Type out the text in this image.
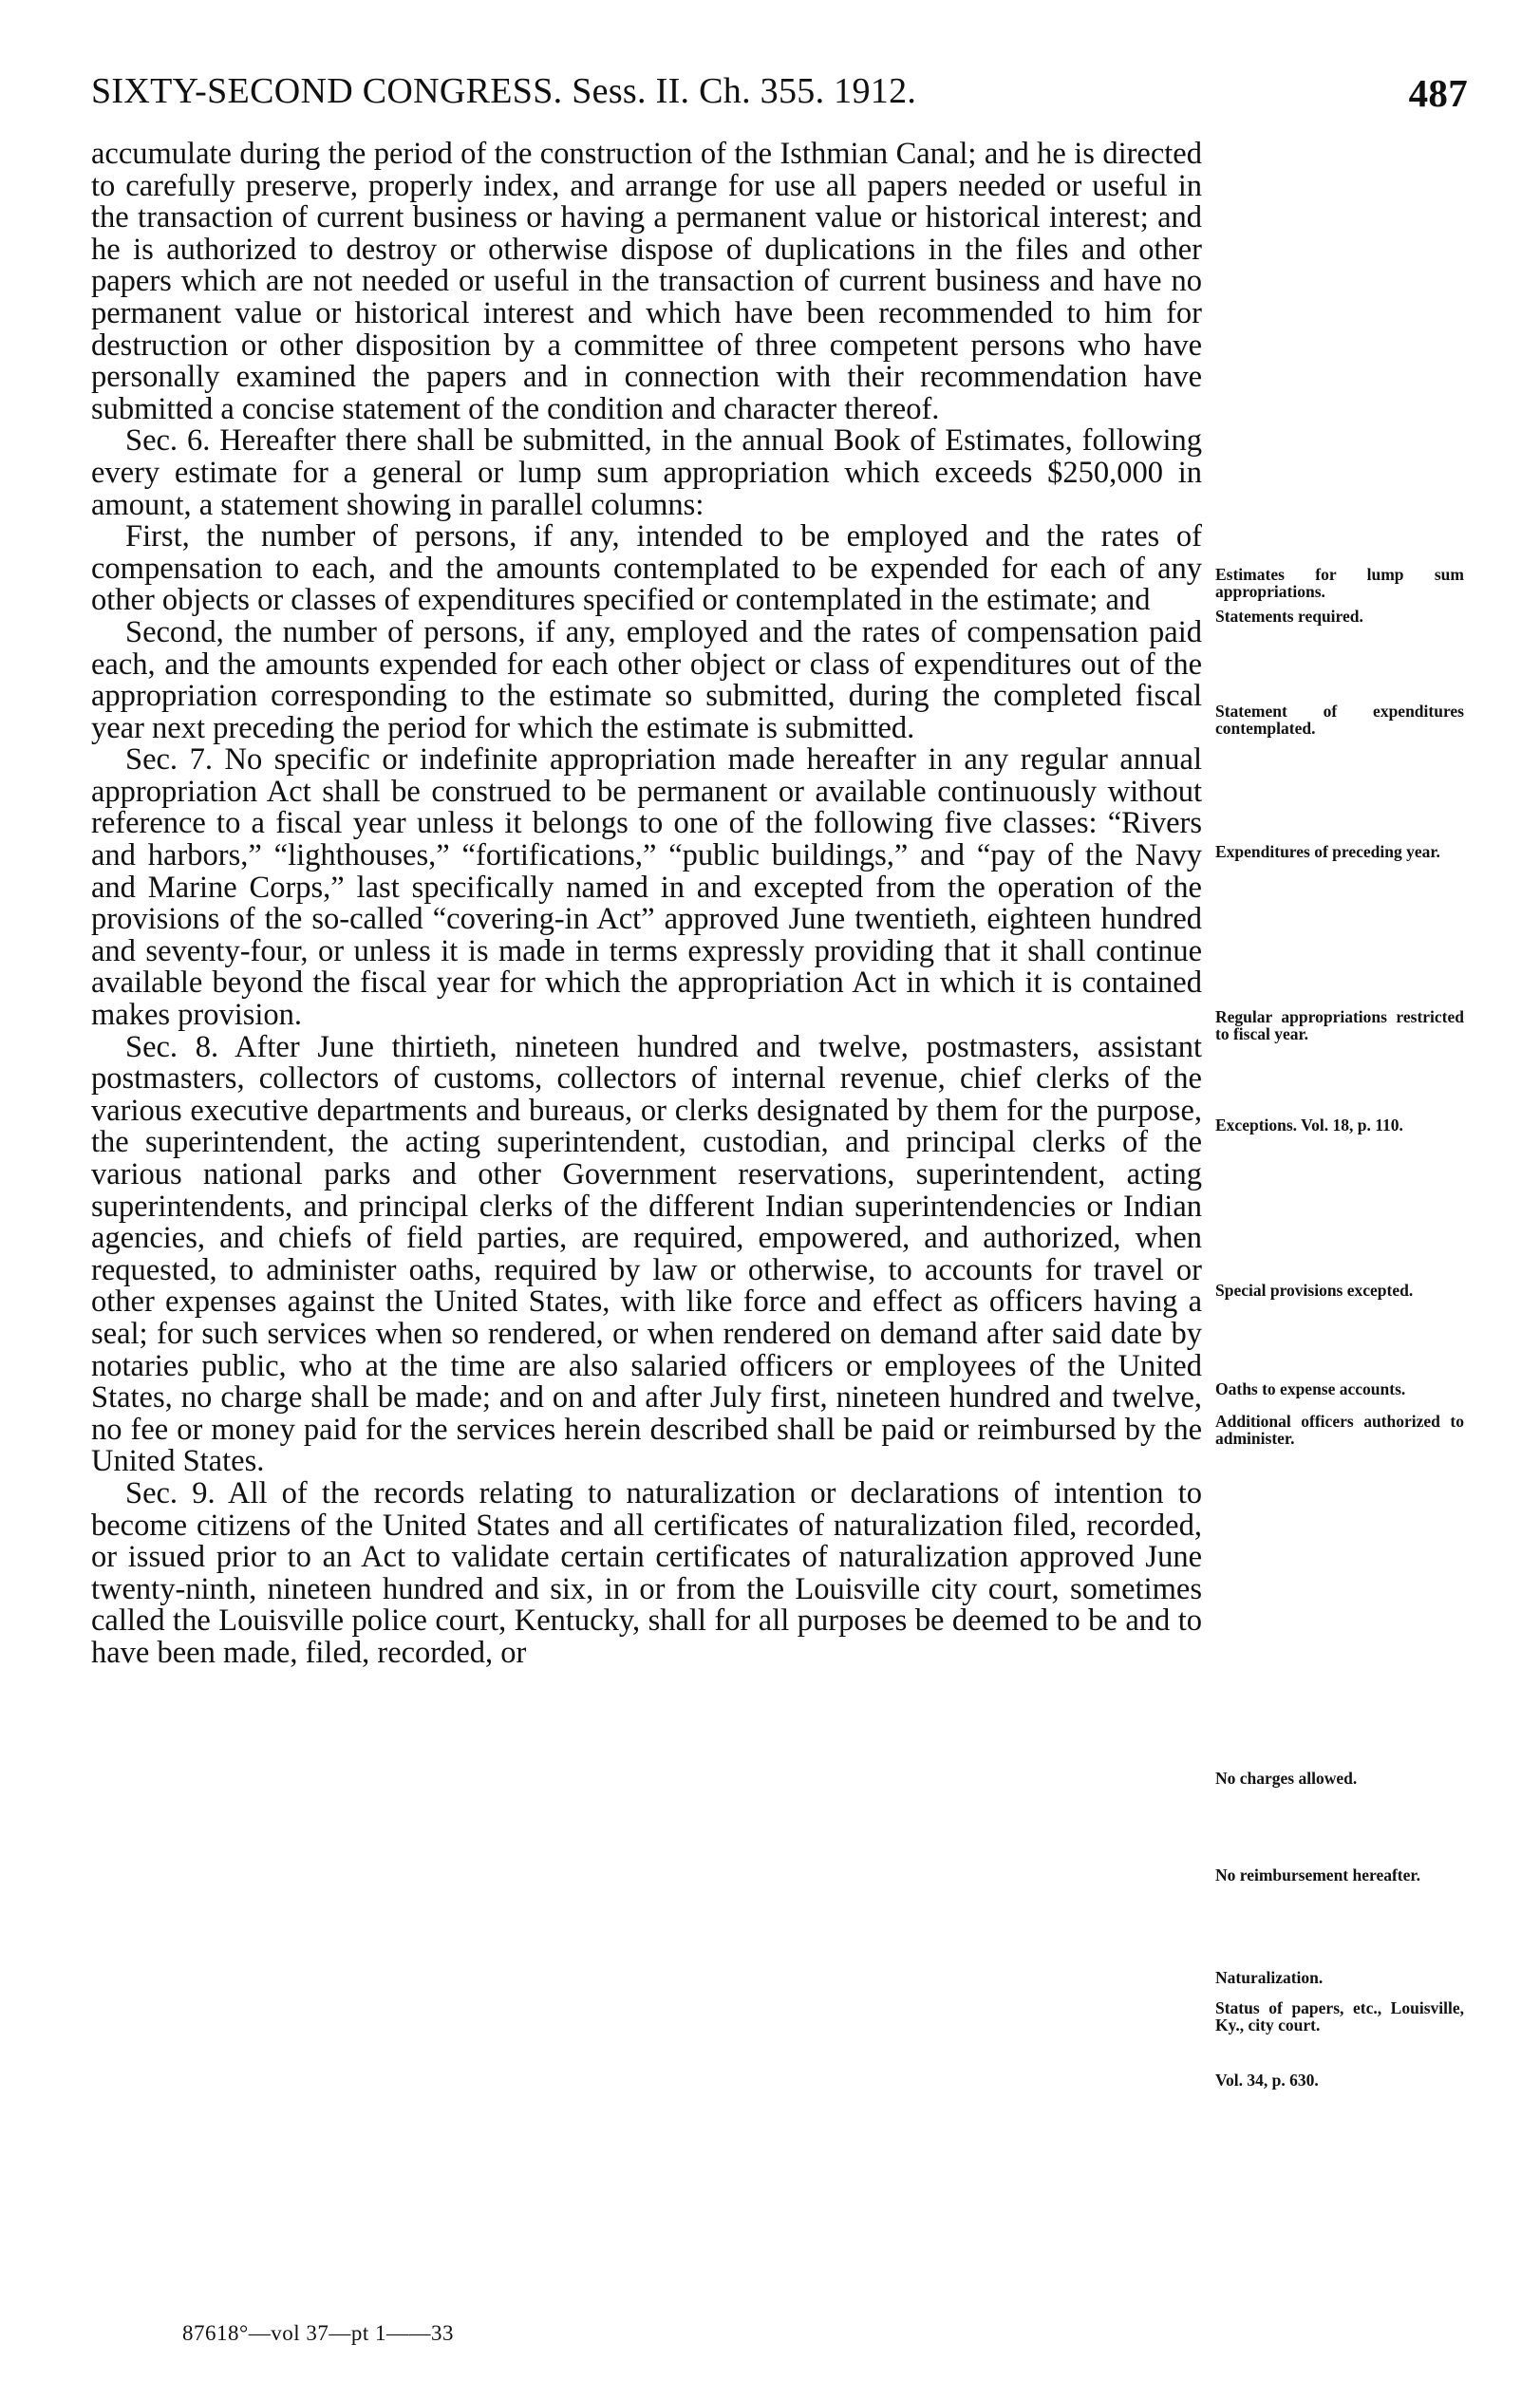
SIXTY-SECOND CONGRESS. Sess. II. Ch. 355. 1912.	487

accumulate during the period of the construction of the Isthmian Canal; and he is directed to carefully preserve, properly index, and arrange for use all papers needed or useful in the transaction of current business or having a permanent value or historical interest; and he is authorized to destroy or otherwise dispose of duplications in the files and other papers which are not needed or useful in the transaction of current business and have no permanent value or historical interest and which have been recommended to him for destruction or other disposition by a committee of three competent persons who have personally examined the papers and in connection with their recommendation have submitted a concise statement of the condition and character thereof.

Sec. 6. Hereafter there shall be submitted, in the annual Book of Estimates, following every estimate for a general or lump sum appropriation which exceeds $250,000 in amount, a statement showing in parallel columns:

First, the number of persons, if any, intended to be employed and the rates of compensation to each, and the amounts contemplated to be expended for each of any other objects or classes of expenditures specified or contemplated in the estimate; and

Second, the number of persons, if any, employed and the rates of compensation paid each, and the amounts expended for each other object or class of expenditures out of the appropriation corresponding to the estimate so submitted, during the completed fiscal year next preceding the period for which the estimate is submitted.

Sec. 7. No specific or indefinite appropriation made hereafter in any regular annual appropriation Act shall be construed to be permanent or available continuously without reference to a fiscal year unless it belongs to one of the following five classes: “Rivers and harbors,” “lighthouses,” “fortifications,” “public buildings,” and “pay of the Navy and Marine Corps,” last specifically named in and excepted from the operation of the provisions of the so-called “covering-in Act” approved June twentieth, eighteen hundred and seventy-four, or unless it is made in terms expressly providing that it shall continue available beyond the fiscal year for which the appropriation Act in which it is contained makes provision.

Sec. 8. After June thirtieth, nineteen hundred and twelve, postmasters, assistant postmasters, collectors of customs, collectors of internal revenue, chief clerks of the various executive departments and bureaus, or clerks designated by them for the purpose, the superintendent, the acting superintendent, custodian, and principal clerks of the various national parks and other Government reservations, superintendent, acting superintendents, and principal clerks of the different Indian superintendencies or Indian agencies, and chiefs of field parties, are required, empowered, and authorized, when requested, to administer oaths, required by law or otherwise, to accounts for travel or other expenses against the United States, with like force and effect as officers having a seal; for such services when so rendered, or when rendered on demand after said date by notaries public, who at the time are also salaried officers or employees of the United States, no charge shall be made; and on and after July first, nineteen hundred and twelve, no fee or money paid for the services herein described shall be paid or reimbursed by the United States.

Sec. 9. All of the records relating to naturalization or declarations of intention to become citizens of the United States and all certificates of naturalization filed, recorded, or issued prior to an Act to validate certain certificates of naturalization approved June twenty-ninth, nineteen hundred and six, in or from the Louisville city court, sometimes called the Louisville police court, Kentucky, shall for all purposes be deemed to be and to have been made, filed, recorded, or

Estimates for lump sum appropriations.
Statements required.
Statement of expenditures contemplated.
Expenditures of preceding year.
Regular appropriations restricted to fiscal year.
Exceptions. Vol. 18, p. 110.
Special provisions excepted.
Oaths to expense accounts.
Additional officers authorized to administer.
No charges allowed.
No reimbursement hereafter.
Naturalization.
Status of papers, etc., Louisville, Ky., city court.
Vol. 34, p. 630.
87618°—vol 37—pt 1——33
